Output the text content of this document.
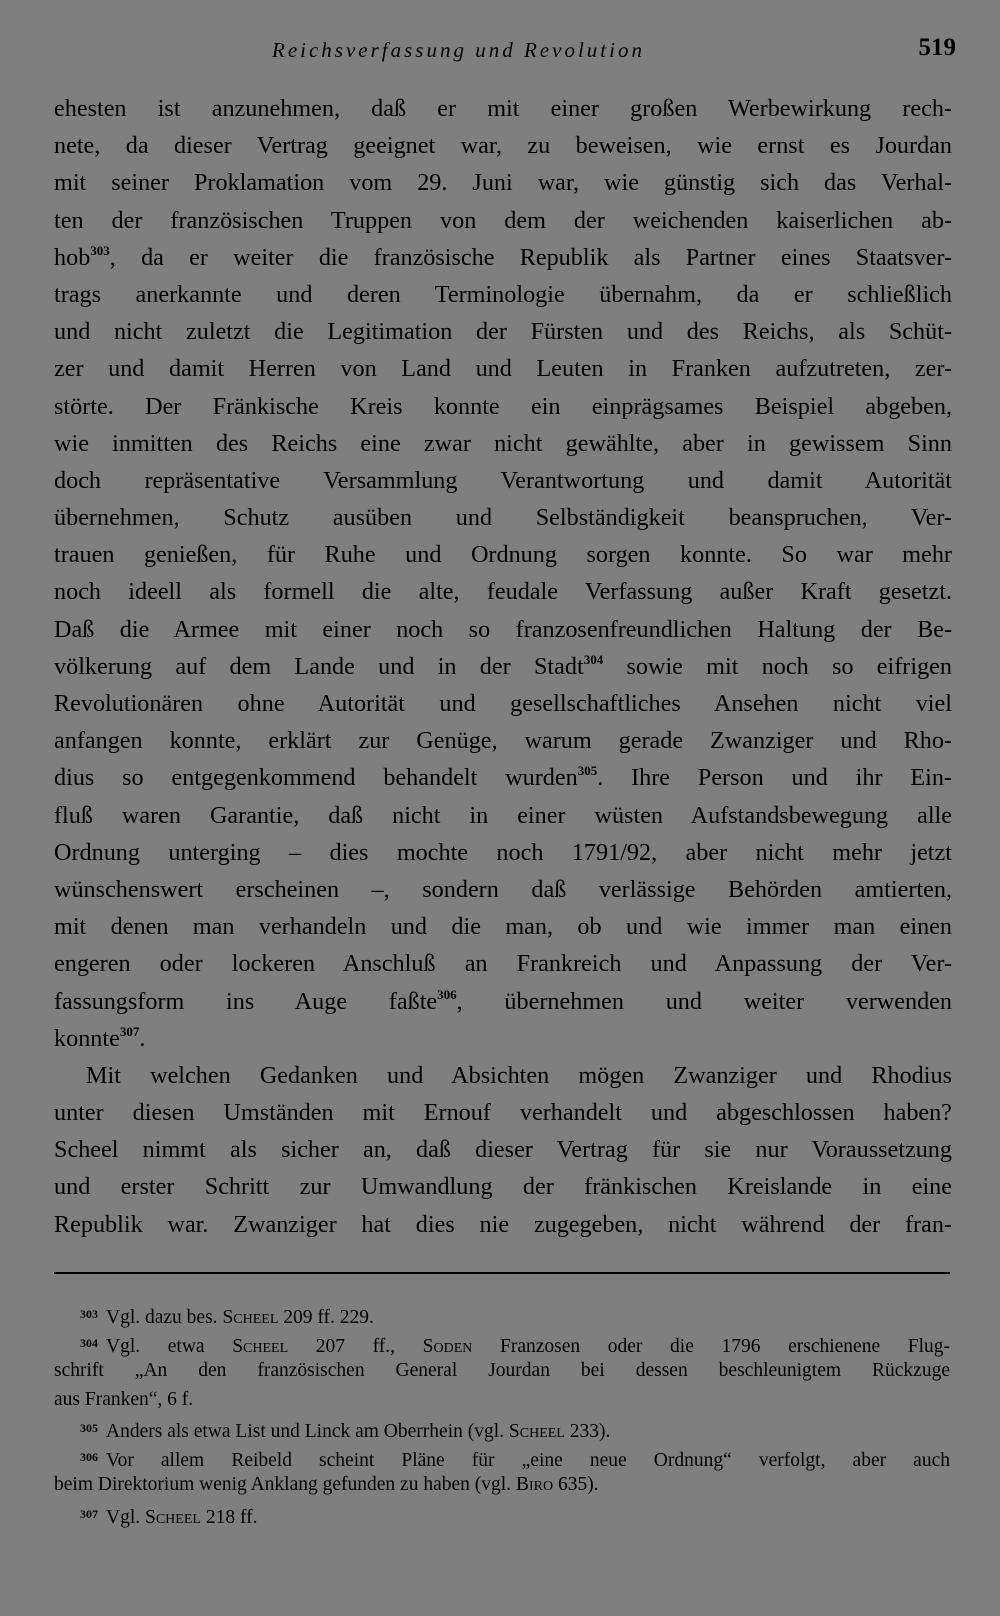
Reichsverfassung und Revolution	519
ehesten ist anzunehmen, daß er mit einer großen Werbewirkung rech-
nete, da dieser Vertrag geeignet war, zu beweisen, wie ernst es Jourdan
mit seiner Proklamation vom 29. Juni war, wie günstig sich das Verhal-
ten der französischen Truppen von dem der weichenden kaiserlichen ab-
hob$^{303}$, da er weiter die französische Republik als Partner eines Staatsver-
trags anerkannte und deren Terminologie übernahm, da er schließlich
und nicht zuletzt die Legitimation der Fürsten und des Reichs, als Schüt-
zer und damit Herren von Land und Leuten in Franken aufzutreten, zer-
störte. Der Fränkische Kreis konnte ein einprägsames Beispiel abgeben,
wie inmitten des Reichs eine zwar nicht gewählte, aber in gewissem Sinn
doch repräsentative Versammlung Verantwortung und damit Autorität
übernehmen, Schutz ausüben und Selbständigkeit beanspruchen, Ver-
trauen genießen, für Ruhe und Ordnung sorgen konnte. So war mehr
noch ideell als formell die alte, feudale Verfassung außer Kraft gesetzt.
Daß die Armee mit einer noch so franzosenfreundlichen Haltung der Be-
völkerung auf dem Lande und in der Stadt$^{304}$ sowie mit noch so eifrigen
Revolutionären ohne Autorität und gesellschaftliches Ansehen nicht viel
anfangen konnte, erklärt zur Genüge, warum gerade Zwanziger und Rho-
dius so entgegenkommend behandelt wurden$^{305}$. Ihre Person und ihr Ein-
fluß waren Garantie, daß nicht in einer wüsten Aufstandsbewegung alle
Ordnung unterging – dies mochte noch 1791/92, aber nicht mehr jetzt
wünschenswert erscheinen –, sondern daß verlässige Behörden amtierten,
mit denen man verhandeln und die man, ob und wie immer man einen
engeren oder lockeren Anschluß an Frankreich und Anpassung der Ver-
fassungsform ins Auge faßte$^{306}$, übernehmen und weiter verwenden
konnte$^{307}$.
Mit welchen Gedanken und Absichten mögen Zwanziger und Rhodius
unter diesen Umständen mit Ernouf verhandelt und abgeschlossen haben?
Scheel nimmt als sicher an, daß dieser Vertrag für sie nur Voraussetzung
und erster Schritt zur Umwandlung der fränkischen Kreislande in eine
Republik war. Zwanziger hat dies nie zugegeben, nicht während der fran-
$^{303}$ Vgl. dazu bes. Scheel 209 ff. 229.
$^{304}$ Vgl. etwa Scheel 207 ff., Soden Franzosen oder die 1796 erschienene Flug-
schrift „An den französischen General Jourdan bei dessen beschleunigtem Rückzuge
aus Franken“, 6 f.
$^{305}$ Anders als etwa List und Linck am Oberrhein (vgl. Scheel 233).
$^{306}$ Vor allem Reibeld scheint Pläne für „eine neue Ordnung“ verfolgt, aber auch
beim Direktorium wenig Anklang gefunden zu haben (vgl. Biro 635).
$^{307}$ Vgl. Scheel 218 ff.
